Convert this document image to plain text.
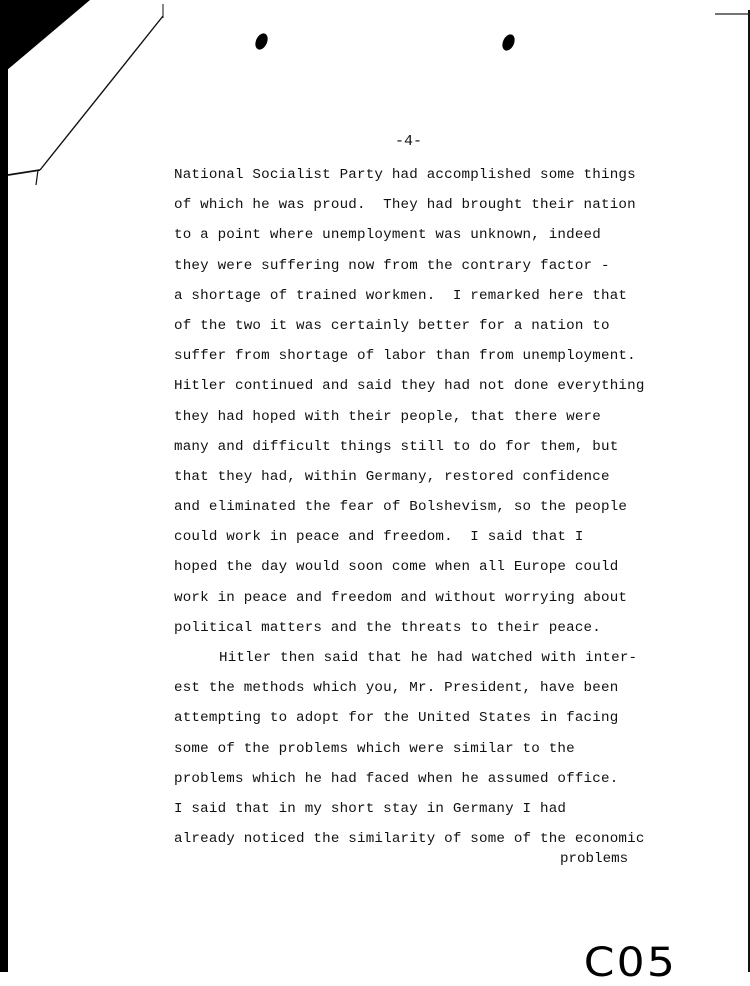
-4-
National Socialist Party had accomplished some things
of which he was proud.  They had brought their nation
to a point where unemployment was unknown, indeed
they were suffering now from the contrary factor -
a shortage of trained workmen.  I remarked here that
of the two it was certainly better for a nation to
suffer from shortage of labor than from unemployment.
Hitler continued and said they had not done everything
they had hoped with their people, that there were
many and difficult things still to do for them, but
that they had, within Germany, restored confidence
and eliminated the fear of Bolshevism, so the people
could work in peace and freedom.  I said that I
hoped the day would soon come when all Europe could
work in peace and freedom and without worrying about
political matters and the threats to their peace.
Hitler then said that he had watched with inter-
est the methods which you, Mr. President, have been
attempting to adopt for the United States in facing
some of the problems which were similar to the
problems which he had faced when he assumed office.
I said that in my short stay in Germany I had
already noticed the similarity of some of the economic
problems
C05
